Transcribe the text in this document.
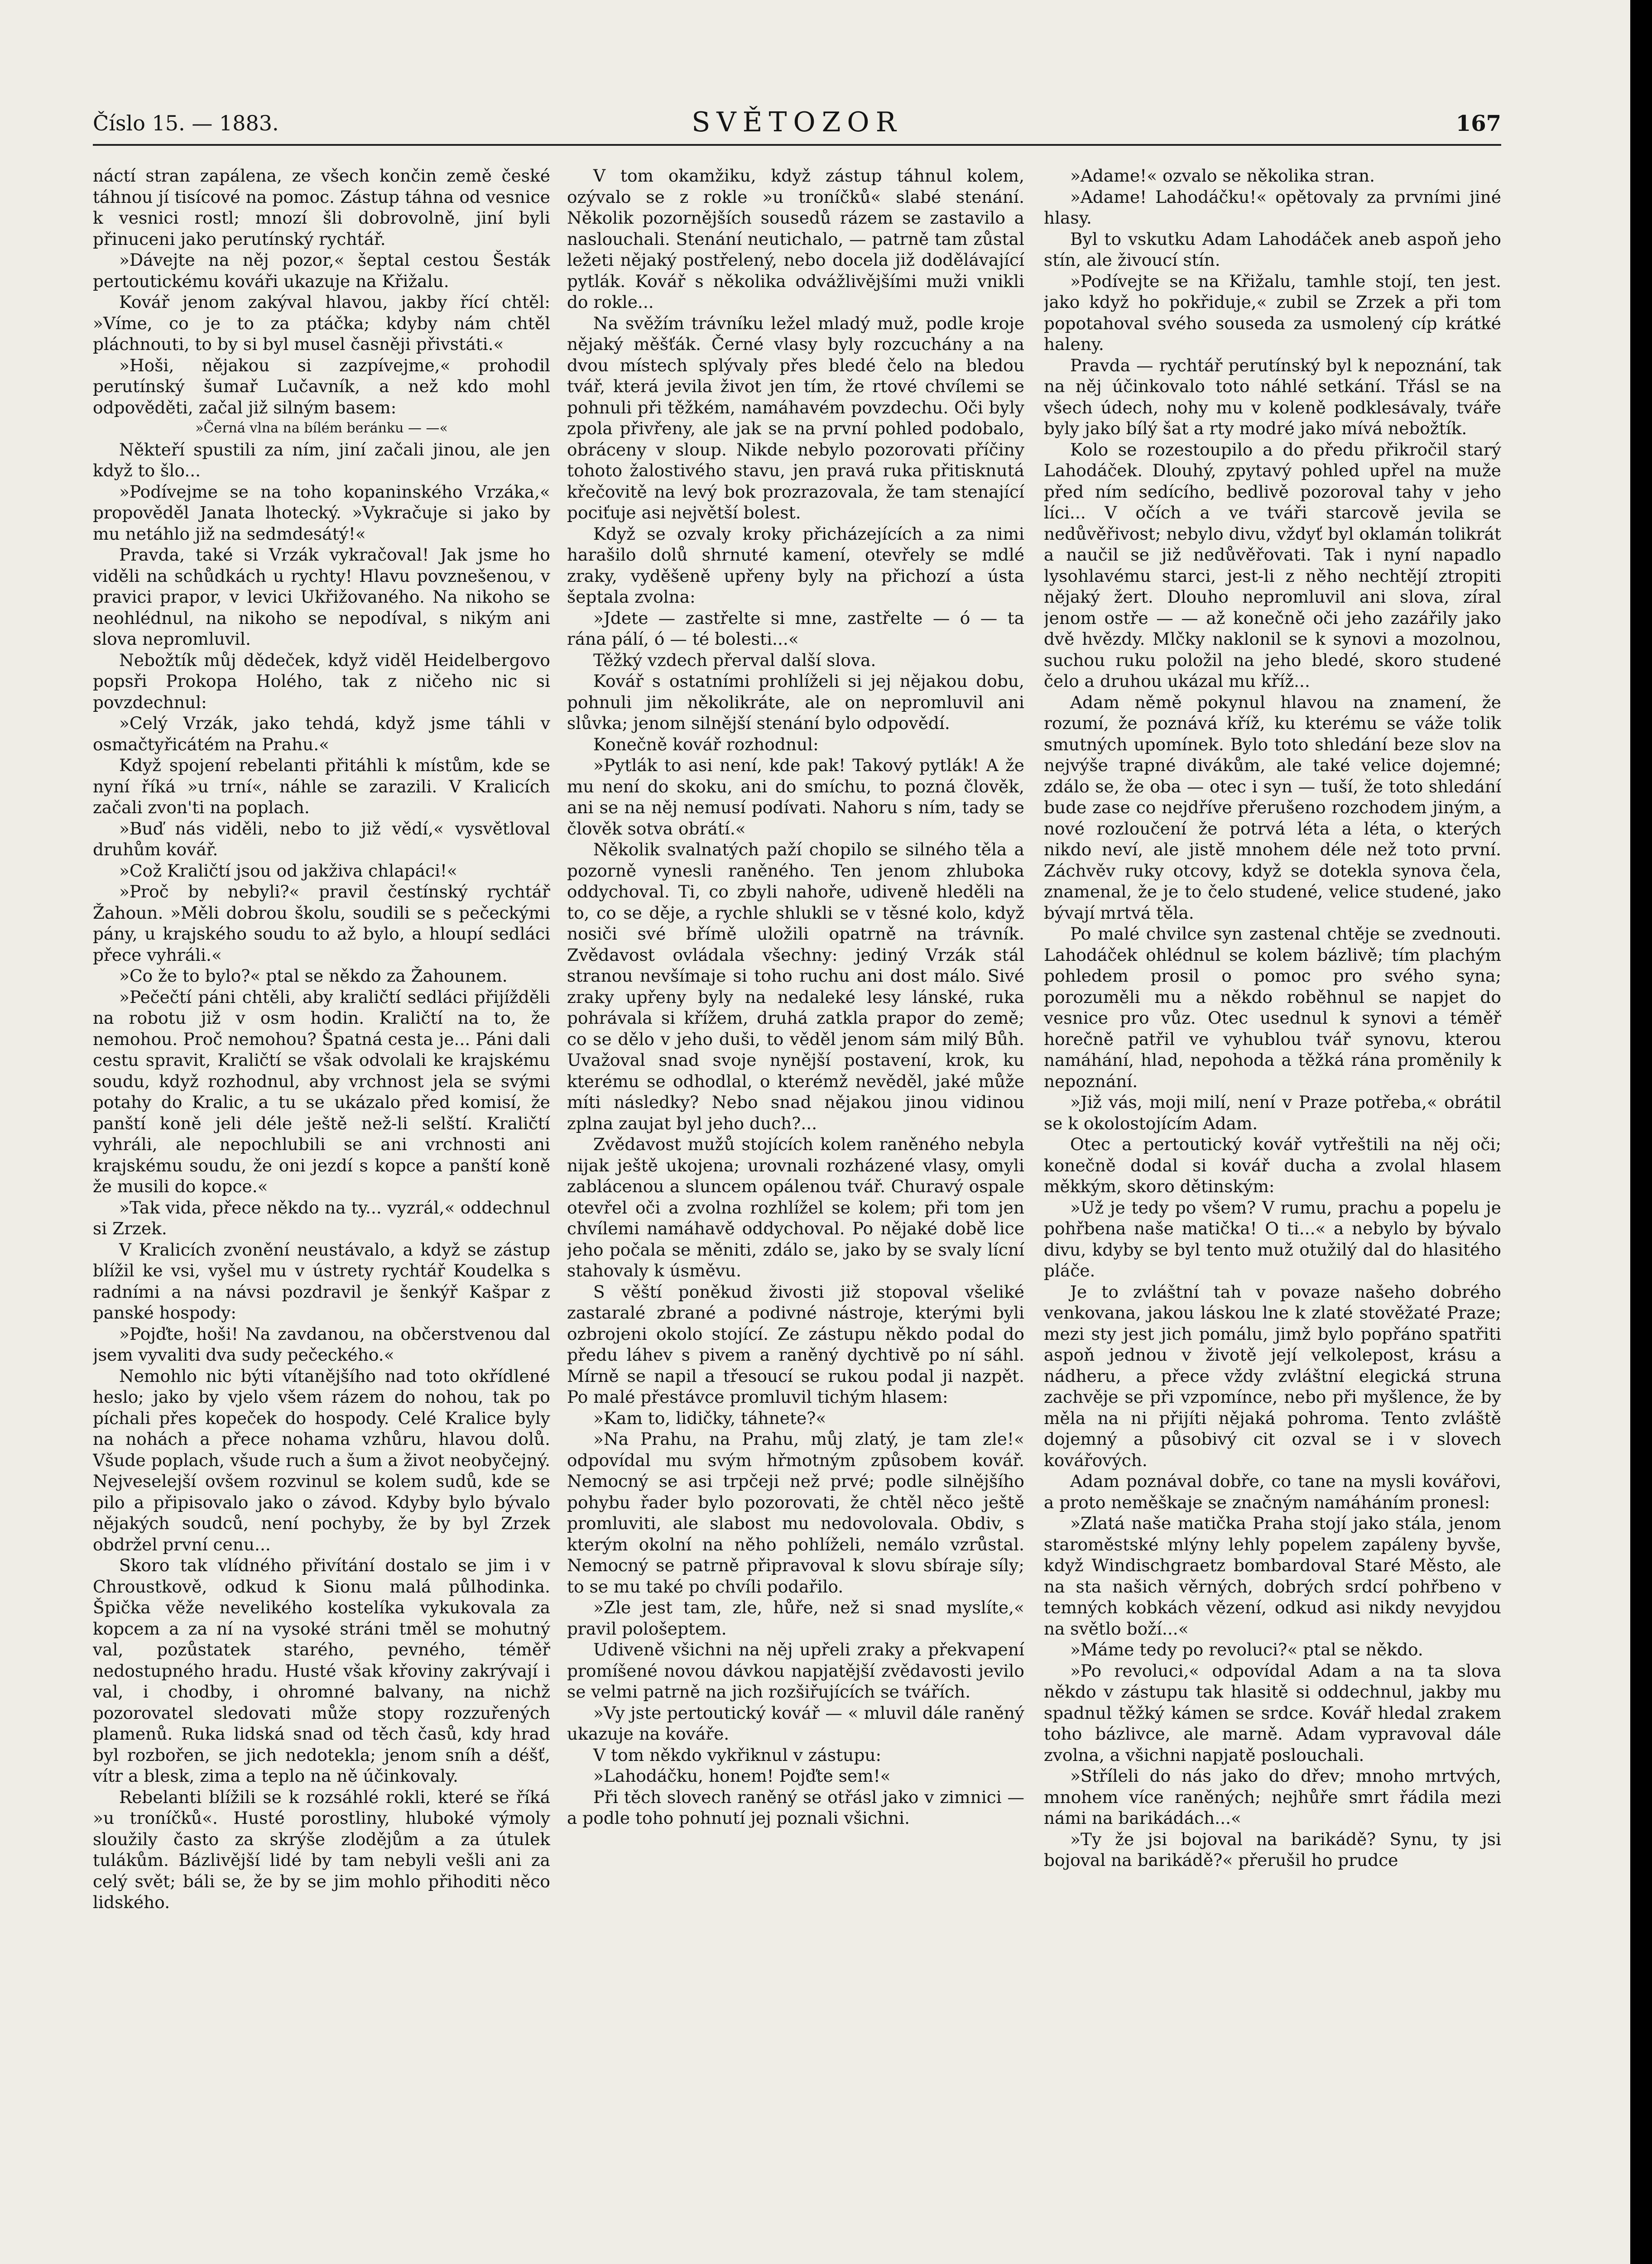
Číslo 15. — 1883.	SVĚTOZOR	167

náctí stran zapálena, ze všech končin země české táhnou jí tisícové na pomoc. Zástup táhna od vesnice k vesnici rostl; mnozí šli dobrovolně, jiní byli přinuceni jako perutínský rychtář.

»Dávejte na něj pozor,« šeptal cestou Šesták pertoutickému kováři ukazuje na Křižalu.

Kovář jenom zakýval hlavou, jakby řící chtěl: »Víme, co je to za ptáčka; kdyby nám chtěl pláchnouti, to by si byl musel časněji přivstáti.«

»Hoši, nějakou si zazpívejme,« prohodil perutínský šumař Lučavník, a než kdo mohl odpověděti, začal již silným basem:

»Černá vlna na bílém beránku — —«

Někteří spustili za ním, jiní začali jinou, ale jen když to šlo...

»Podívejme se na toho kopaninského Vrzáka,« propověděl Janata lhotecký. »Vykračuje si jako by mu netáhlo již na sedmdesátý!«

Pravda, také si Vrzák vykračoval! Jak jsme ho viděli na schůdkách u rychty! Hlavu povznešenou, v pravici prapor, v levici Ukřižovaného. Na nikoho se neohlédnul, na nikoho se nepodíval, s nikým ani slova nepromluvil.

Nebožtík můj dědeček, když viděl Heidelbergovo popsři Prokopa Holého, tak z ničeho nic si povzdechnul:

»Celý Vrzák, jako tehdá, když jsme táhli v osmačtyřicátém na Prahu.«

Když spojení rebelanti přitáhli k místům, kde se nyní říká »u trní«, náhle se zarazili. V Kralicích začali zvon'ti na poplach.

»Buď nás viděli, nebo to již vědí,« vysvětloval druhům kovář.

»Což Kraličtí jsou od jakživa chlapáci!«

»Proč by nebyli?« pravil čestínský rychtář Žahoun. »Měli dobrou školu, soudili se s pečeckými pány, u krajského soudu to až bylo, a hloupí sedláci přece vyhráli.«

»Co že to bylo?« ptal se někdo za Žahounem.

»Pečečtí páni chtěli, aby kraličtí sedláci přijížděli na robotu již v osm hodin. Kraličtí na to, že nemohou. Proč nemohou? Špatná cesta je... Páni dali cestu spravit, Kraličtí se však odvolali ke krajskému soudu, když rozhodnul, aby vrchnost jela se svými potahy do Kralic, a tu se ukázalo před komisí, že panští koně jeli déle ještě než-li selští. Kraličtí vyhráli, ale nepochlubili se ani vrchnosti ani krajskému soudu, že oni jezdí s kopce a panští koně že musili do kopce.«

»Tak vida, přece někdo na ty... vyzrál,« oddechnul si Zrzek.

V Kralicích zvonění neustávalo, a když se zástup blížil ke vsi, vyšel mu v ústrety rychtář Koudelka s radními a na návsi pozdravil je šenkýř Kašpar z panské hospody:

»Pojďte, hoši! Na zavdanou, na občerstvenou dal jsem vyvaliti dva sudy pečeckého.«

Nemohlo nic býti vítanějšího nad toto okřídlené heslo; jako by vjelo všem rázem do nohou, tak po píchali přes kopeček do hospody. Celé Kralice byly na nohách a přece nohama vzhůru, hlavou dolů. Všude poplach, všude ruch a šum a život neobyčejný. Nejveselejší ovšem rozvinul se kolem sudů, kde se pilo a připisovalo jako o závod. Kdyby bylo bývalo nějakých soudců, není pochyby, že by byl Zrzek obdržel první cenu...

Skoro tak vlídného přivítání dostalo se jim i v Chroustkově, odkud k Sionu malá půlhodinka. Špička věže nevelikého kostelíka vykukovala za kopcem a za ní na vysoké stráni tměl se mohutný val, pozůstatek starého, pevného, téměř nedostupného hradu. Husté však křoviny zakrývají i val, i chodby, i ohromné balvany, na nichž pozorovatel sledovati může stopy rozzuřených plamenů. Ruka lidská snad od těch časů, kdy hrad byl rozbořen, se jich nedotekla; jenom sníh a déšť, vítr a blesk, zima a teplo na ně účinkovaly.

Rebelanti blížili se k rozsáhlé rokli, které se říká »u troníčků«. Husté porostliny, hluboké výmoly sloužily často za skrýše zlodějům a za útulek tulákům. Bázlivější lidé by tam nebyli vešli ani za celý svět; báli se, že by se jim mohlo přihoditi něco lidského.

V tom okamžiku, když zástup táhnul kolem, ozývalo se z rokle »u troníčků« slabé stenání. Několik pozornějších sousedů rázem se zastavilo a naslouchali. Stenání neutichalo, — patrně tam zůstal ležeti nějaký postřelený, nebo docela již dodělávající pytlák. Kovář s několika odvážlivějšími muži vnikli do rokle...

Na svěžím trávníku ležel mladý muž, podle kroje nějaký měšťák. Černé vlasy byly rozcuchány a na dvou místech splývaly přes bledé čelo na bledou tvář, která jevila život jen tím, že rtové chvílemi se pohnuli při těžkém, namáhavém povzdechu. Oči byly zpola přivřeny, ale jak se na první pohled podobalo, obráceny v sloup. Nikde nebylo pozorovati příčiny tohoto žalostivého stavu, jen pravá ruka přitisknutá křečovitě na levý bok prozrazovala, že tam stenající pociťuje asi největší bolest.

Když se ozvaly kroky přicházejících a za nimi harašilo dolů shrnuté kamení, otevřely se mdlé zraky, vyděšeně upřeny byly na přichozí a ústa šeptala zvolna:

»Jdete — zastřelte si mne, zastřelte — ó — ta rána pálí, ó — té bolesti...«

Těžký vzdech přerval další slova.

Kovář s ostatními prohlíželi si jej nějakou dobu, pohnuli jim několikráte, ale on nepromluvil ani slůvka; jenom silnější stenání bylo odpovědí.

Konečně kovář rozhodnul:

»Pytlák to asi není, kde pak! Takový pytlák! A že mu není do skoku, ani do smíchu, to pozná člověk, ani se na něj nemusí podívati. Nahoru s ním, tady se člověk sotva obrátí.«

Několik svalnatých paží chopilo se silného těla a pozorně vynesli raněného. Ten jenom zhluboka oddychoval. Ti, co zbyli nahoře, udiveně hleděli na to, co se děje, a rychle shlukli se v těsné kolo, když nosiči své břímě uložili opatrně na trávník. Zvědavost ovládala všechny: jediný Vrzák stál stranou nevšímaje si toho ruchu ani dost málo. Sivé zraky upřeny byly na nedaleké lesy lánské, ruka pohrávala si křížem, druhá zatkla prapor do země; co se dělo v jeho duši, to věděl jenom sám milý Bůh. Uvažoval snad svoje nynější postavení, krok, ku kterému se odhodlal, o kterémž nevěděl, jaké může míti následky? Nebo snad nějakou jinou vidinou zplna zaujat byl jeho duch?...

Zvědavost mužů stojících kolem raněného nebyla nijak ještě ukojena; urovnali rozházené vlasy, omyli zablácenou a sluncem opálenou tvář. Churavý ospale otevřel oči a zvolna rozhlížel se kolem; při tom jen chvílemi namáhavě oddychoval. Po nějaké době lice jeho počala se měniti, zdálo se, jako by se svaly lícní stahovaly k úsměvu.

S věští poněkud živosti již stopoval všeliké zastaralé zbrané a podivné nástroje, kterými byli ozbrojeni okolo stojící. Ze zástupu někdo podal do předu láhev s pivem a raněný dychtivě po ní sáhl. Mírně se napil a třesoucí se rukou podal ji nazpět. Po malé přestávce promluvil tichým hlasem:

»Kam to, lidičky, táhnete?«

»Na Prahu, na Prahu, můj zlatý, je tam zle!« odpovídal mu svým hřmotným způsobem kovář. Nemocný se asi trpčeji než prvé; podle silnějšího pohybu řader bylo pozorovati, že chtěl něco ještě promluviti, ale slabost mu nedovolovala. Obdiv, s kterým okolní na něho pohlíželi, nemálo vzrůstal. Nemocný se patrně připravoval k slovu sbíraje síly; to se mu také po chvíli podařilo.

»Zle jest tam, zle, hůře, než si snad myslíte,« pravil pološeptem.

Udiveně všichni na něj upřeli zraky a překvapení promíšené novou dávkou napjatější zvědavosti jevilo se velmi patrně na jich rozšiřujících se tvářích.

»Vy jste pertoutický kovář — « mluvil dále raněný ukazuje na kováře.

V tom někdo vykřiknul v zástupu:

»Lahodáčku, honem! Pojďte sem!«

Při těch slovech raněný se otřásl jako v zimnici — a podle toho pohnutí jej poznali všichni.

»Adame!« ozvalo se několika stran.

»Adame! Lahodáčku!« opětovaly za prvními jiné hlasy.

Byl to vskutku Adam Lahodáček aneb aspoň jeho stín, ale živoucí stín.

»Podívejte se na Křižalu, tamhle stojí, ten jest. jako když ho pokřiduje,« zubil se Zrzek a při tom popotahoval svého souseda za usmolený cíp krátké haleny.

Pravda — rychtář perutínský byl k nepoznání, tak na něj účinkovalo toto náhlé setkání. Třásl se na všech údech, nohy mu v koleně podklesávaly, tváře byly jako bílý šat a rty modré jako mívá nebožtík.

Kolo se rozestoupilo a do předu přikročil starý Lahodáček. Dlouhý, zpytavý pohled upřel na muže před ním sedícího, bedlivě pozoroval tahy v jeho líci... V očích a ve tváři starcově jevila se nedůvěřivost; nebylo divu, vždyť byl oklamán tolikrát a naučil se již nedůvěřovati. Tak i nyní napadlo lysohlavému starci, jest-li z něho nechtějí ztropiti nějaký žert. Dlouho nepromluvil ani slova, zíral jenom ostře — — až konečně oči jeho zazářily jako dvě hvězdy. Mlčky naklonil se k synovi a mozolnou, suchou ruku položil na jeho bledé, skoro studené čelo a druhou ukázal mu kříž...

Adam němě pokynul hlavou na znamení, že rozumí, že poznává kříž, ku kterému se váže tolik smutných upomínek. Bylo toto shledání beze slov na nejvýše trapné divákům, ale také velice dojemné; zdálo se, že oba — otec i syn — tuší, že toto shledání bude zase co nejdříve přerušeno rozchodem jiným, a nové rozloučení že potrvá léta a léta, o kterých nikdo neví, ale jistě mnohem déle než toto první. Záchvěv ruky otcovy, když se dotekla synova čela, znamenal, že je to čelo studené, velice studené, jako bývají mrtvá těla.

Po malé chvilce syn zastenal chtěje se zvednouti. Lahodáček ohlédnul se kolem bázlivě; tím plachým pohledem prosil o pomoc pro svého syna; porozuměli mu a někdo roběhnul se napjet do vesnice pro vůz. Otec usednul k synovi a téměř horečně patřil ve vyhublou tvář synovu, kterou namáhání, hlad, nepohoda a těžká rána proměnily k nepoznání.

»Již vás, moji milí, není v Praze potřeba,« obrátil se k okolostojícím Adam.

Otec a pertoutický kovář vytřeštili na něj oči; konečně dodal si kovář ducha a zvolal hlasem měkkým, skoro dětinským:

»Už je tedy po všem? V rumu, prachu a popelu je pohřbena naše matička! O ti...« a nebylo by bývalo divu, kdyby se byl tento muž otužilý dal do hlasitého pláče.

Je to zvláštní tah v povaze našeho dobrého venkovana, jakou láskou lne k zlaté stověžaté Praze; mezi sty jest jich pomálu, jimž bylo popřáno spatřiti aspoň jednou v životě její velkolepost, krásu a nádheru, a přece vždy zvláštní elegická struna zachvěje se při vzpomínce, nebo při myšlence, že by měla na ni přijíti nějaká pohroma. Tento zvláště dojemný a působivý cit ozval se i v slovech kovářových.

Adam poznával dobře, co tane na mysli kovářovi, a proto neměškaje se značným namáháním pronesl:

»Zlatá naše matička Praha stojí jako stála, jenom staroměstské mlýny lehly popelem zapáleny byvše, když Windischgraetz bombardoval Staré Město, ale na sta našich věrných, dobrých srdcí pohřbeno v temných kobkách vězení, odkud asi nikdy nevyjdou na světlo boží...«

»Máme tedy po revoluci?« ptal se někdo.

»Po revoluci,« odpovídal Adam a na ta slova někdo v zástupu tak hlasitě si oddechnul, jakby mu spadnul těžký kámen se srdce. Kovář hledal zrakem toho bázlivce, ale marně. Adam vypravoval dále zvolna, a všichni napjatě poslouchali.

»Stříleli do nás jako do dřev; mnoho mrtvých, mnohem více raněných; nejhůře smrt řádila mezi námi na barikádách...«

»Ty že jsi bojoval na barikádě? Synu, ty jsi bojoval na barikádě?« přerušil ho prudce
